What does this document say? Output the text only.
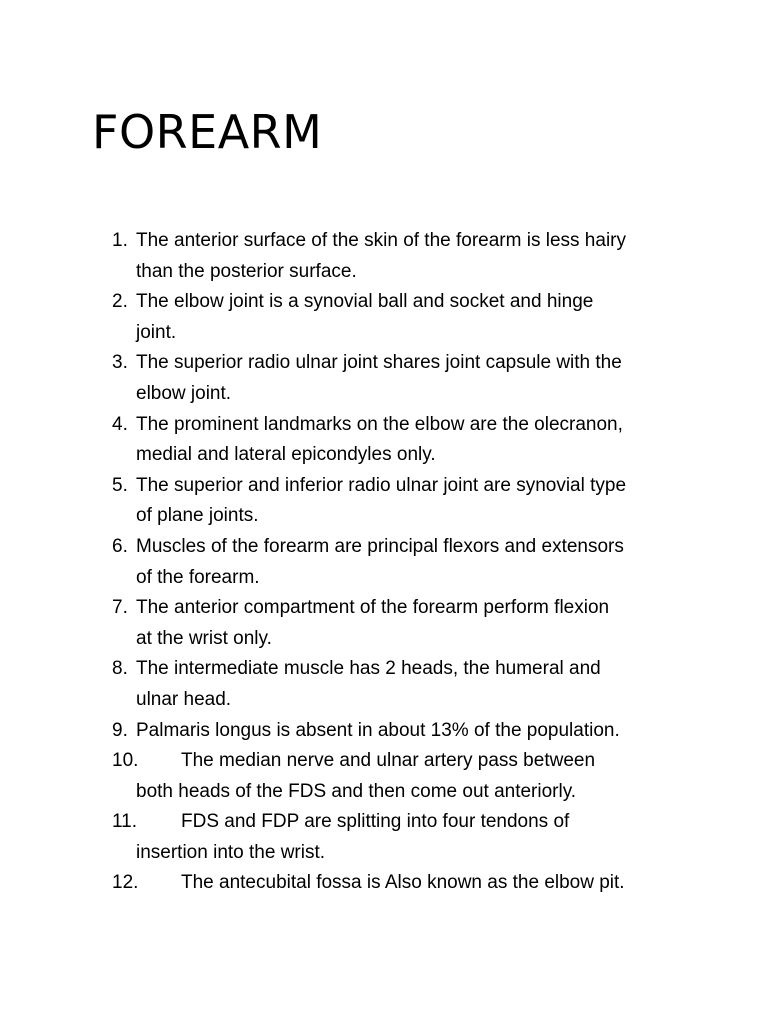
FOREARM
1. The anterior surface of the skin of the forearm is less hairy
than the posterior surface.
2. The elbow joint is a synovial ball and socket and hinge
joint.
3. The superior radio ulnar joint shares joint capsule with the
elbow joint.
4. The prominent landmarks on the elbow are the olecranon,
medial and lateral epicondyles only.
5. The superior and inferior radio ulnar joint are synovial type
of plane joints.
6. Muscles of the forearm are principal flexors and extensors
of the forearm.
7. The anterior compartment of the forearm perform flexion
at the wrist only.
8. The intermediate muscle has 2 heads, the humeral and
ulnar head.
9. Palmaris longus is absent in about 13% of the population.
10.	The median nerve and ulnar artery pass between
both heads of the FDS and then come out anteriorly.
11.	FDS and FDP are splitting into four tendons of
insertion into the wrist.
12.	The antecubital fossa is Also known as the elbow pit.
